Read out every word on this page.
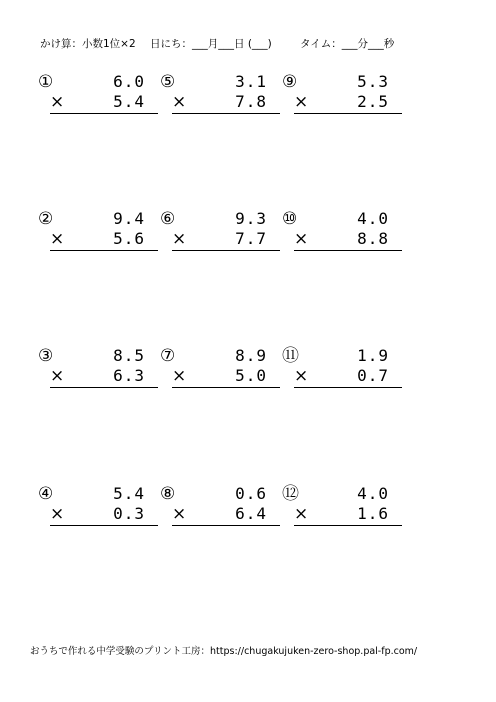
かけ算：小数1位×2 日にち：___月___日 (___)	タイム：___分___秒
①	6.0
×	5.4
②	9.4
×	5.6
③	8.5
×	6.3
④	5.4
×	0.3
⑤	3.1
×	7.8
⑥	9.3
×	7.7
⑦	8.9
×	5.0
⑧	0.6
×	6.4
⑨	5.3
×	2.5
⑩	4.0
×	8.8
⑪	1.9
×	0.7
⑫	4.0
×	1.6
おうちで作れる中学受験のプリント工房：https://chugakujuken-zero-shop.pal-fp.com/
